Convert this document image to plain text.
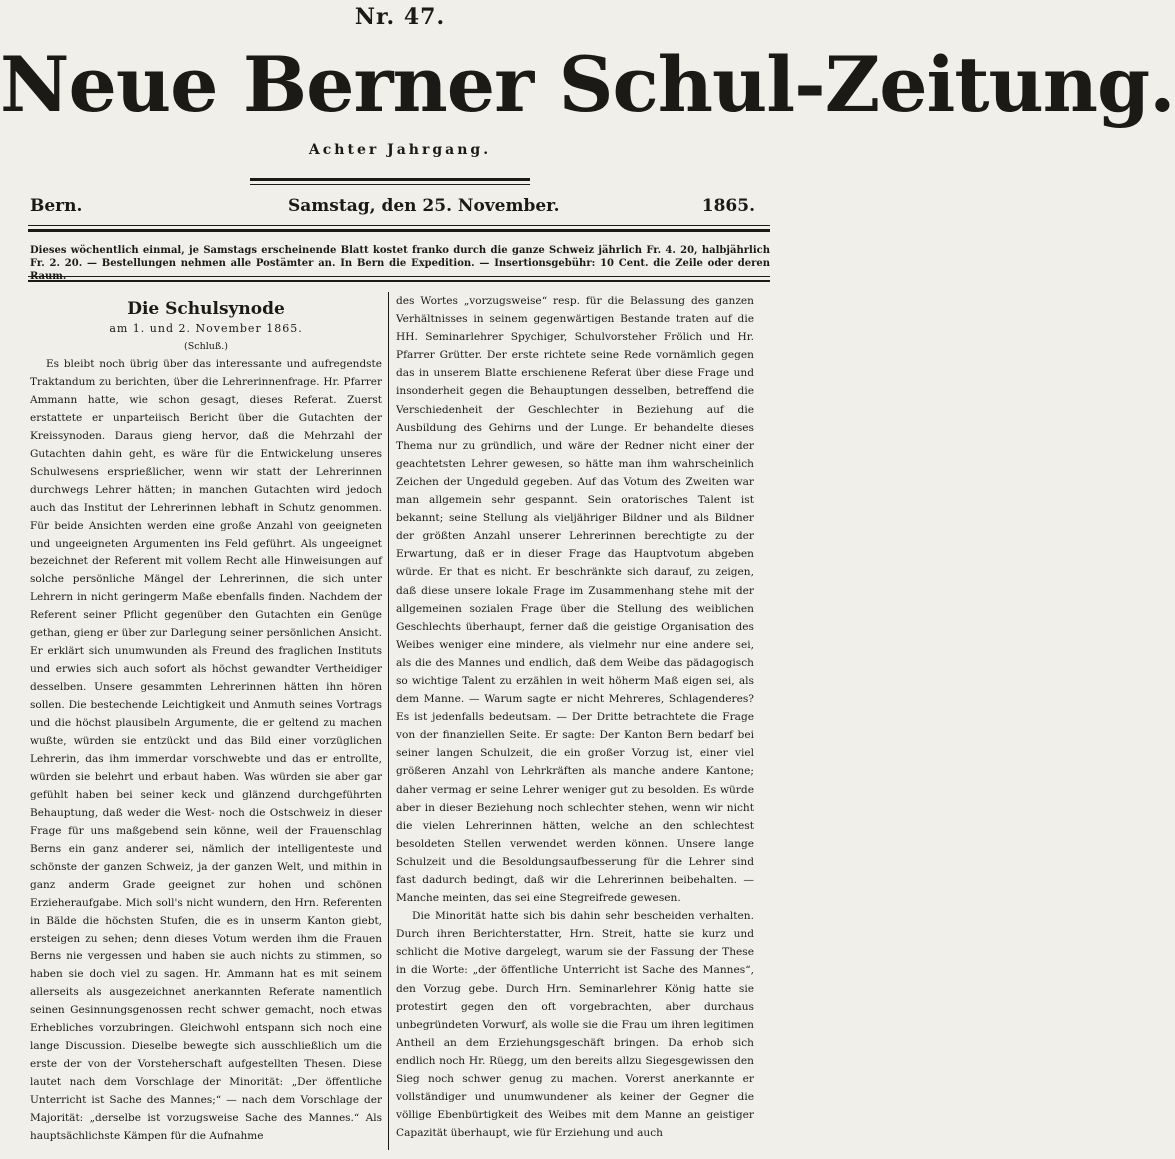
Nr. 47.
Neue Berner Schul-Zeitung.
Achter Jahrgang.
Bern.	Samstag, den 25. November.	1865.
Dieses wöchentlich einmal, je Samstags erscheinende Blatt kostet franko durch die ganze Schweiz jährlich Fr. 4. 20, halbjährlich Fr. 2. 20. — Bestellungen nehmen alle Postämter an. In Bern die Expedition. — Insertionsgebühr: 10 Cent. die Zeile oder deren
Die Schulsynode
am 1. und 2. November 1865.
(Schluß.)

Es bleibt noch übrig über das interessante und aufregendste Traktandum zu berichten, über die Lehrerinnenfrage. Hr. Pfarrer Ammann hatte, wie schon gesagt, dieses Referat. Zuerst erstattete er unparteiisch Bericht über die Gutachten der Kreissynoden. Daraus gieng hervor, daß die Mehrzahl der Gutachten dahin geht, es wäre für die Entwickelung unseres Schulwesens ersprießlicher, wenn wir statt der Lehrerinnen durchwegs Lehrer hätten; in manchen Gutachten wird jedoch auch das Institut der Lehrerinnen lebhaft in Schutz genommen. Für beide Ansichten werden eine große Anzahl von geeigneten und ungeeigneten Argumenten ins Feld geführt. Als ungeeignet bezeichnet der Referent mit vollem Recht alle Hinweisungen auf solche persönliche Mängel der Lehrerinnen, die sich unter Lehrern in nicht geringerm Maße ebenfalls finden. Nachdem der Referent seiner Pflicht gegenüber den Gutachten ein Genüge gethan, gieng er über zur Darlegung seiner persönlichen Ansicht. Er erklärt sich unumwunden als Freund des fraglichen Instituts und erwies sich auch sofort als höchst gewandter Vertheidiger desselben. Unsere gesammten Lehrerinnen hätten ihn hören sollen. Die bestechende Leichtigkeit und Anmuth seines Vortrags und die höchst plausibeln Argumente, die er geltend zu machen wußte, würden sie entzückt und das Bild einer vorzüglichen Lehrerin, das ihm immerdar vorschwebte und das er entrollte, würden sie belehrt und erbaut haben. Was würden sie aber gar gefühlt haben bei seiner keck und glänzend durchgeführten Behauptung, daß weder die West- noch die Ostschweiz in dieser Frage für uns maßgebend sein könne, weil der Frauenschlag Berns ein ganz anderer sei, nämlich der intelligenteste und schönste der ganzen Schweiz, ja der ganzen Welt, und mithin in ganz anderm Grade geeignet zur hohen und schönen Erzieheraufgabe. Mich soll's nicht wundern, den Hrn. Referenten in Bälde die höchsten Stufen, die es in unserm Kanton giebt, ersteigen zu sehen; denn dieses Votum werden ihm die Frauen Berns nie vergessen und haben sie auch nichts zu stimmen, so haben sie doch viel zu sagen. Hr. Ammann hat es mit seinem allerseits als ausgezeichnet anerkannten Referate namentlich seinen Gesinnungsgenossen recht schwer gemacht, noch etwas Erhebliches vorzubringen. Gleichwohl entspann sich noch eine lange Discussion. Dieselbe bewegte sich ausschließlich um die erste der von der Vorsteherschaft aufgestellten Thesen. Diese lautet nach dem Vorschlage der Minorität: „Der öffentliche Unterricht ist Sache des Mannes;“ — nach dem Vorschlage der Majorität: „derselbe ist vorzugsweise Sache des Mannes.“ Als hauptsächlichste Kämpen für die Aufnahme

des Wortes „vorzugsweise“ resp. für die Belassung des ganzen Verhältnisses in seinem gegenwärtigen Bestande traten auf die HH. Seminarlehrer Spychiger, Schulvorsteher Frölich und Hr. Pfarrer Grütter. Der erste richtete seine Rede vornämlich gegen das in unserem Blatte erschienene Referat über diese Frage und insonderheit gegen die Behauptungen desselben, betreffend die Verschiedenheit der Geschlechter in Beziehung auf die Ausbildung des Gehirns und der Lunge. Er behandelte dieses Thema nur zu gründlich, und wäre der Redner nicht einer der geachtetsten Lehrer gewesen, so hätte man ihm wahrscheinlich Zeichen der Ungeduld gegeben. Auf das Votum des Zweiten war man allgemein sehr gespannt. Sein oratorisches Talent ist bekannt; seine Stellung als vieljähriger Bildner und als Bildner der größten Anzahl unserer Lehrerinnen berechtigte zu der Erwartung, daß er in dieser Frage das Hauptvotum abgeben würde. Er that es nicht. Er beschränkte sich darauf, zu zeigen, daß diese unsere lokale Frage im Zusammenhang stehe mit der allgemeinen sozialen Frage über die Stellung des weiblichen Geschlechts überhaupt, ferner daß die geistige Organisation des Weibes weniger eine mindere, als vielmehr nur eine andere sei, als die des Mannes und endlich, daß dem Weibe das pädagogisch so wichtige Talent zu erzählen in weit höherm Maß eigen sei, als dem Manne. — Warum sagte er nicht Mehreres, Schlagenderes? Es ist jedenfalls bedeutsam. — Der Dritte betrachtete die Frage von der finanziellen Seite. Er sagte: Der Kanton Bern bedarf bei seiner langen Schulzeit, die ein großer Vorzug ist, einer viel größeren Anzahl von Lehrkräften als manche andere Kantone; daher vermag er seine Lehrer weniger gut zu besolden. Es würde aber in dieser Beziehung noch schlechter stehen, wenn wir nicht die vielen Lehrerinnen hätten, welche an den schlechtest besoldeten Stellen verwendet werden können. Unsere lange Schulzeit und die Besoldungsaufbesserung für die Lehrer sind fast dadurch bedingt, daß wir die Lehrerinnen beibehalten. — Manche meinten, das sei eine Stegreifrede gewesen.

Die Minorität hatte sich bis dahin sehr bescheiden verhalten. Durch ihren Berichterstatter, Hrn. Streit, hatte sie kurz und schlicht die Motive dargelegt, warum sie der Fassung der These in die Worte: „der öffentliche Unterricht ist Sache des Mannes“, den Vorzug gebe. Durch Hrn. Seminarlehrer König hatte sie protestirt gegen den oft vorgebrachten, aber durchaus unbegründeten Vorwurf, als wolle sie die Frau um ihren legitimen Antheil an dem Erziehungsgeschäft bringen. Da erhob sich endlich noch Hr. Rüegg, um den bereits allzu Siegesgewissen den Sieg noch schwer genug zu machen. Vorerst anerkannte er vollständiger und unumwundener als keiner der Gegner die völlige Ebenbürtigkeit des Weibes mit dem Manne an geistiger Capazität überhaupt, wie für Erziehung und auch
